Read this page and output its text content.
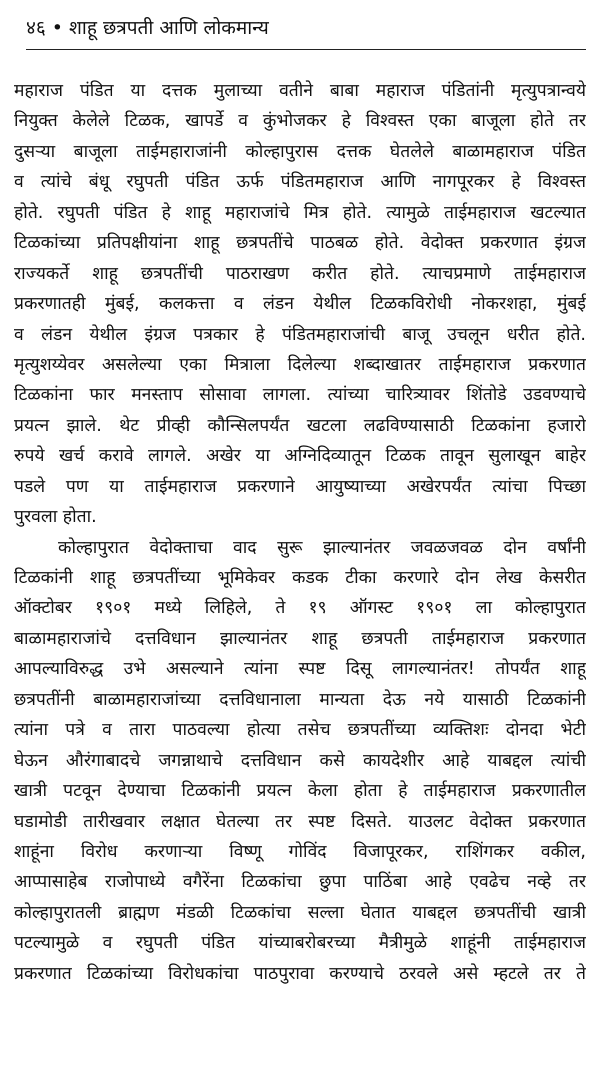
४६ • शाहू छत्रपती आणि लोकमान्य
महाराज पंडित या दत्तक मुलाच्या वतीने बाबा महाराज पंडितांनी मृत्युपत्रान्वये
नियुक्त केलेले टिळक, खापर्डे व कुंभोजकर हे विश्वस्त एका बाजूला होते तर
दुसऱ्या बाजूला ताईमहाराजांनी कोल्हापुरास दत्तक घेतलेले बाळामहाराज पंडित
व त्यांचे बंधू रघुपती पंडित ऊर्फ पंडितमहाराज आणि नागपूरकर हे विश्वस्त
होते. रघुपती पंडित हे शाहू महाराजांचे मित्र होते. त्यामुळे ताईमहाराज खटल्यात
टिळकांच्या प्रतिपक्षीयांना शाहू छत्रपतींचे पाठबळ होते. वेदोक्त प्रकरणात इंग्रज
राज्यकर्ते शाहू छत्रपतींची पाठराखण करीत होते. त्याचप्रमाणे ताईमहाराज
प्रकरणातही मुंबई, कलकत्ता व लंडन येथील टिळकविरोधी नोकरशहा, मुंबई
व लंडन येथील इंग्रज पत्रकार हे पंडितमहाराजांची बाजू उचलून धरीत होते.
मृत्युशय्येवर असलेल्या एका मित्राला दिलेल्या शब्दाखातर ताईमहाराज प्रकरणात
टिळकांना फार मनस्ताप सोसावा लागला. त्यांच्या चारित्र्यावर शिंतोडे उडवण्याचे
प्रयत्न झाले. थेट प्रीव्ही कौन्सिलपर्यंत खटला लढविण्यासाठी टिळकांना हजारो
रुपये खर्च करावे लागले. अखेर या अग्निदिव्यातून टिळक तावून सुलाखून बाहेर
पडले पण या ताईमहाराज प्रकरणाने आयुष्याच्या अखेरपर्यंत त्यांचा पिच्छा
पुरवला होता.
कोल्हापुरात वेदोक्ताचा वाद सुरू झाल्यानंतर जवळजवळ दोन वर्षांनी
टिळकांनी शाहू छत्रपतींच्या भूमिकेवर कडक टीका करणारे दोन लेख केसरीत
ऑक्टोबर १९०१ मध्ये लिहिले, ते १९ ऑगस्ट १९०१ ला कोल्हापुरात
बाळामहाराजांचे दत्तविधान झाल्यानंतर शाहू छत्रपती ताईमहाराज प्रकरणात
आपल्याविरुद्ध उभे असल्याने त्यांना स्पष्ट दिसू लागल्यानंतर! तोपर्यंत शाहू
छत्रपतींनी बाळामहाराजांच्या दत्तविधानाला मान्यता देऊ नये यासाठी टिळकांनी
त्यांना पत्रे व तारा पाठवल्या होत्या तसेच छत्रपतींच्या व्यक्तिशः दोनदा भेटी
घेऊन औरंगाबादचे जगन्नाथाचे दत्तविधान कसे कायदेशीर आहे याबद्दल त्यांची
खात्री पटवून देण्याचा टिळकांनी प्रयत्न केला होता हे ताईमहाराज प्रकरणातील
घडामोडी तारीखवार लक्षात घेतल्या तर स्पष्ट दिसते. याउलट वेदोक्त प्रकरणात
शाहूंना विरोध करणाऱ्या विष्णू गोविंद विजापूरकर, राशिंगकर वकील,
आप्पासाहेब राजोपाध्ये वगैरेंना टिळकांचा छुपा पाठिंबा आहे एवढेच नव्हे तर
कोल्हापुरातली ब्राह्मण मंडळी टिळकांचा सल्ला घेतात याबद्दल छत्रपतींची खात्री
पटल्यामुळे व रघुपती पंडित यांच्याबरोबरच्या मैत्रीमुळे शाहूंनी ताईमहाराज
प्रकरणात टिळकांच्या विरोधकांचा पाठपुरावा करण्याचे ठरवले असे म्हटले तर ते
